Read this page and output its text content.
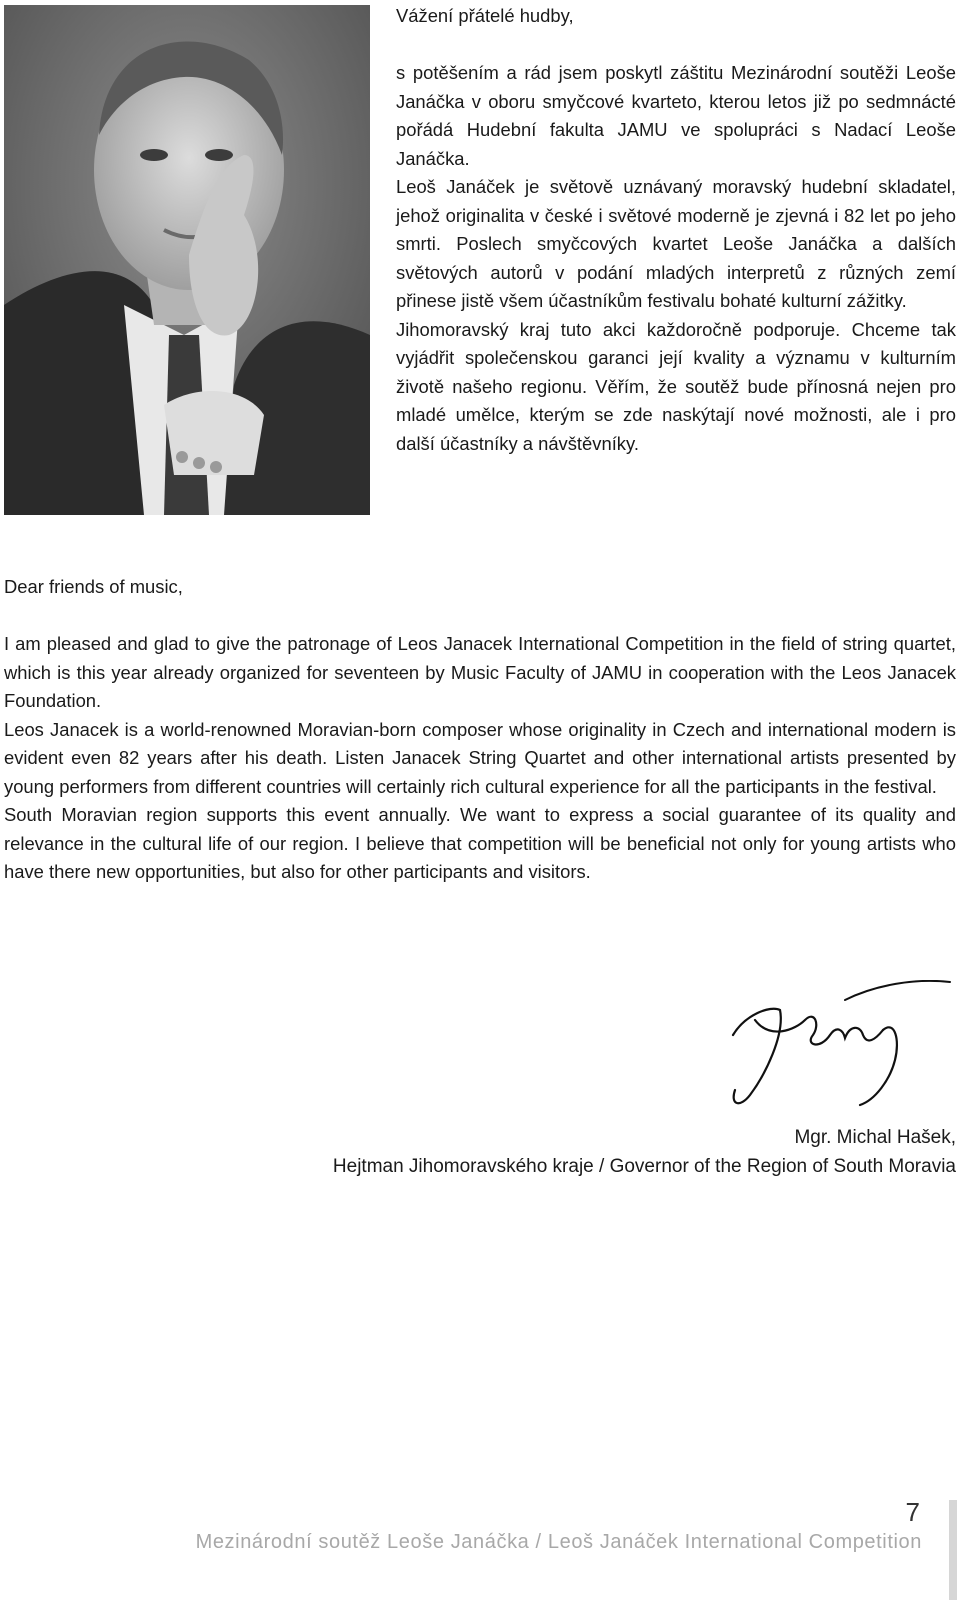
Vážení přátelé hudby,

s potěšením a rád jsem poskytl záštitu Mezinárodní soutěži Leoše Janáčka v oboru smyčcové kvarteto, kterou letos již po sedmnácté pořádá Hudební fakulta JAMU ve spolupráci s Nadací Leoše Janáčka.

Leoš Janáček je světově uznávaný moravský hudební skladatel, jehož originalita v české i světové moderně je zjevná i 82 let po jeho smrti. Poslech smyčcových kvartet Leoše Janáčka a dalších světových autorů v podání mladých interpretů z různých zemí přinese jistě všem účastníkům festivalu bohaté kulturní zážitky.

Jihomoravský kraj tuto akci každoročně podporuje. Chceme tak vyjádřit společenskou garanci její kvality a významu v kulturním životě našeho regionu. Věřím, že soutěž bude přínosná nejen pro mladé umělce, kterým se zde naskýtají nové možnosti, ale i pro další účastníky a návštěvníky.

Dear friends of music,

I am pleased and glad to give the patronage of Leos Janacek International Competition in the field of string quartet, which is this year already organized for seventeen by Music Faculty of JAMU in cooperation with the Leos Janacek Foundation.

Leos Janacek is a world-renowned Moravian-born composer whose originality in Czech and international modern is evident even 82 years after his death. Listen Janacek String Quartet and other international artists presented by young performers from different countries will certainly rich cultural experience for all the participants in the festival.

South Moravian region supports this event annually. We want to express a social guarantee of its quality and relevance in the cultural life of our region. I believe that competition will be beneficial not only for young artists who have there new opportunities, but also for other participants and visitors.

Mgr. Michal Hašek,
Hejtman Jihomoravského kraje / Governor of the Region of South Moravia
7
Mezinárodní soutěž Leoše Janáčka / Leoš Janáček International Competition
